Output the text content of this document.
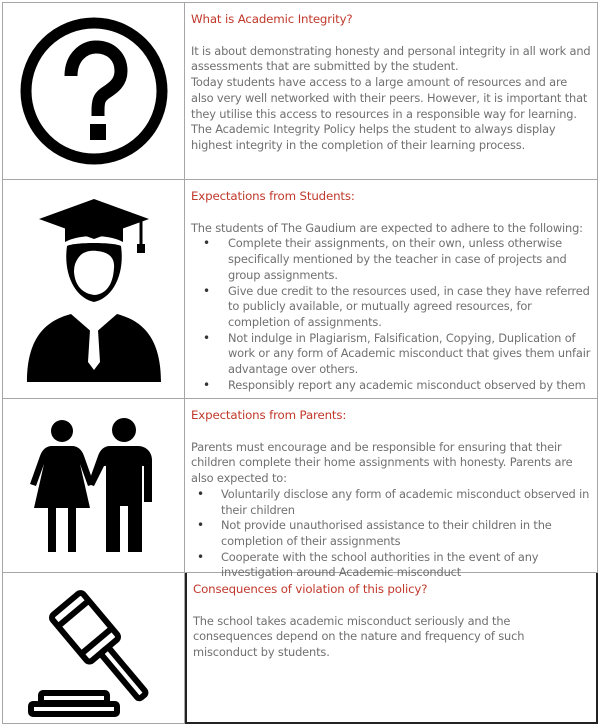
What is Academic Integrity?

It is about demonstrating honesty and personal integrity in all work and assessments that are submitted by the student.

Today students have access to a large amount of resources and are also very well networked with their peers. However, it is important that they utilise this access to resources in a responsible way for learning. The Academic Integrity Policy helps the student to always display highest integrity in the completion of their learning process.

Expectations from Students:

The students of The Gaudium are expected to adhere to the following:

• Complete their assignments, on their own, unless otherwise specifically mentioned by the teacher in case of projects and group assignments.
• Give due credit to the resources used, in case they have referred to publicly available, or mutually agreed resources, for completion of assignments.
• Not indulge in Plagiarism, Falsification, Copying, Duplication of work or any form of Academic misconduct that gives them unfair advantage over others.
• Responsibly report any academic misconduct observed by them

Expectations from Parents:

Parents must encourage and be responsible for ensuring that their children complete their home assignments with honesty. Parents are also expected to:

• Voluntarily disclose any form of academic misconduct observed in their children
• Not provide unauthorised assistance to their children in the completion of their assignments
• Cooperate with the school authorities in the event of any investigation around Academic misconduct

Consequences of violation of this policy?

The school takes academic misconduct seriously and the consequences depend on the nature and frequency of such misconduct by students.
